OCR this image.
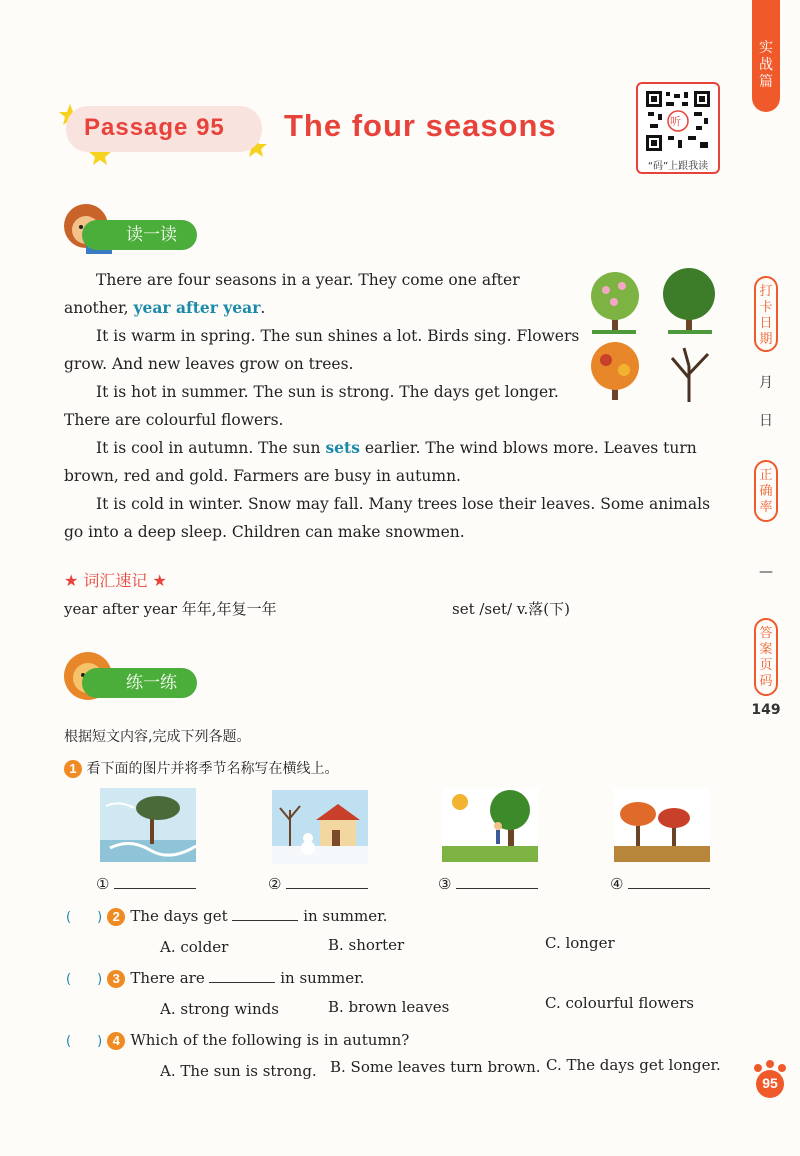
实战篇
打卡日期
月
日
正确率
—
答案页码
149
95
Passage 95 The four seasons	听
“码”上跟我读
读一读
There are four seasons in a year. They come one after another, year after year.
It is warm in spring. The sun shines a lot. Birds sing. Flowers grow. And new leaves grow on trees.
It is hot in summer. The sun is strong. The days get longer. There are colourful flowers.
It is cool in autumn. The sun sets earlier. The wind blows more. Leaves turn brown, red and gold. Farmers are busy in autumn.
It is cold in winter. Snow may fall. Many trees lose their leaves. Some animals go into a deep sleep. Children can make snowmen.
★ 词汇速记 ★
year after year 年年,年复一年	set /set/ v.落(下)
练一练
根据短文内容,完成下列各题。
1 看下面的图片并将季节名称写在横线上。
①	②	③	④
(　　) 2 The days get	in summer.
A. colder	B. shorter	C. longer
(　　) 3 There are	in summer.
A. strong winds	B. brown leaves	C. colourful flowers
(　　) 4 Which of the following is in autumn?
A. The sun is strong. B. Some leaves turn brown. C. The days get longer.
